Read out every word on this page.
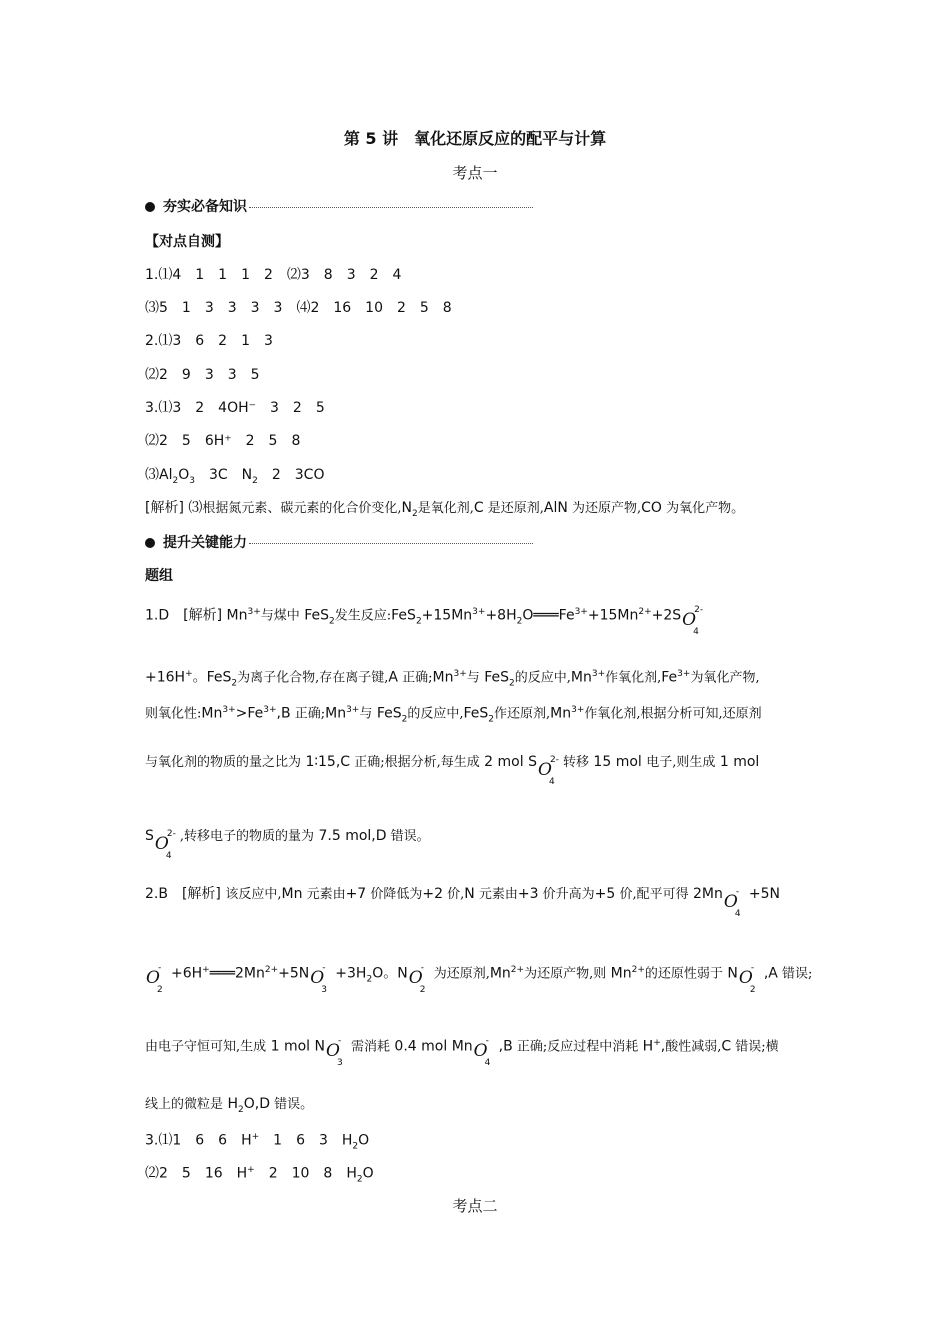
第 5 讲　氧化还原反应的配平与计算
考点一
夯实必备知识
【对点自测】
1.⑴4　1　1　1　2　⑵3　8　3　2　4
⑶5　1　3　3　3　3　⑷2　16　10　2　5　8
2.⑴3　6　2　1　3
⑵2　9　3　3　5
3.⑴3　2　4OH⁻　3　2　5
⑵2　5　6H⁺　2　5　8
$⑶Al_2O_3$　3C　$N_2$　2　3CO
[解析] ⑶根据氮元素、碳元素的化合价变化$,N_2$是氧化剂,C 是还原剂,AlN 为还原产物,CO 为氧化产物。
提升关键能力
题组
1.D　[解析] $Mn^{3+}$与煤中 FeS$_2$发生反应$:FeS_2+15Mn^{3+}+8H_2O═══Fe^{3+}+15Mn^{2+}+2S$ O
4
2-
+16H+。FeS$_2$为离子化合物,存在离子键,A 正确$;Mn^{3+}$与 FeS$_2$的反应中$,Mn^{3+}$作氧化剂$,Fe^{3+}$为氧化产物,
则氧化性$:Mn^{3+}>Fe^{3+},B$ 正确$;Mn^{3+}$与 FeS$_2$的反应中,FeS$_2$作还原剂$,Mn^{3+}$作氧化剂,根据分析可知,还原剂
与氧化剂的物质的量之比为 1∶15,C 正确;根据分析,每生成 2 mol S O
4
2- 转移 15 mol 电子,则生成 1 mol
S O
4
2- ,转移电子的物质的量为 7.5 mol,D 错误。
2.B　[解析] 该反应中,Mn 元素由+7 价降低为+2 价,N 元素由+3 价升高为+5 价,配平可得 2Mn O
4
- +5N
O
2
- $+6H^+═══2Mn^{2+}+5N$ O
3
- $+3H_2O$。N O
2
- 为还原剂$,Mn^{2+}$为还原产物,则 $Mn^{2+}$的还原性弱于 N O
2
- ,A 错误;
由电子守恒可知,生成 1 mol N O
3
- 需消耗 0.4 mol Mn O
4
- ,B 正确;反应过程中消耗 H+,酸性减弱,C 错误;横
线上的微粒是 $H_2O,D$ 错误。
3.⑴1　6　6　H+　1　6　3　$H_2O$
⑵2　5　16　H+　2　10　8　$H_2O$
考点二
